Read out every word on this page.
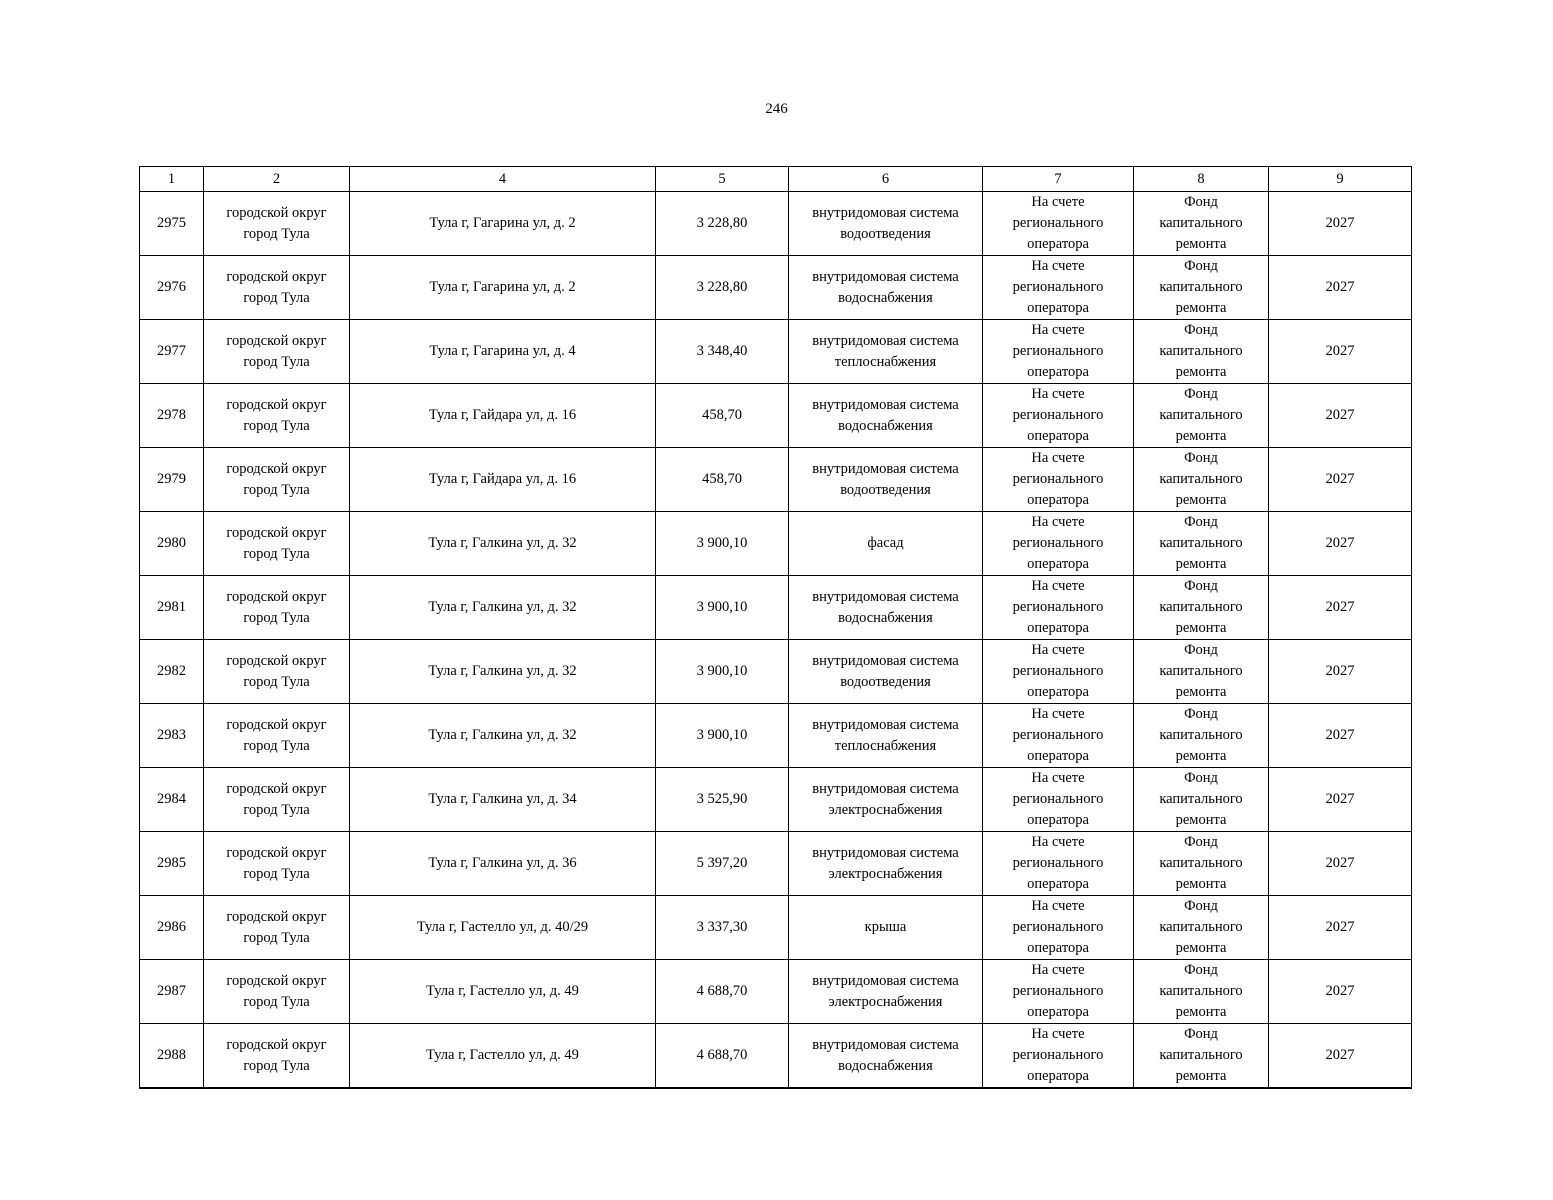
246
1	2	4	5	6	7	8	9

2975	городской округ
город Тула	Тула г, Гагарина ул, д. 2	3 228,80	внутридомовая система
водоотведения	На счете
регионального
оператора	Фонд
капитального
ремонта	2027

2976	городской округ
город Тула	Тула г, Гагарина ул, д. 2	3 228,80	внутридомовая система
водоснабжения	На счете
регионального
оператора	Фонд
капитального
ремонта	2027

2977	городской округ
город Тула	Тула г, Гагарина ул, д. 4	3 348,40	внутридомовая система
теплоснабжения	На счете
регионального
оператора	Фонд
капитального
ремонта	2027

2978	городской округ
город Тула	Тула г, Гайдара ул, д. 16	458,70	внутридомовая система
водоснабжения	На счете
регионального
оператора	Фонд
капитального
ремонта	2027

2979	городской округ
город Тула	Тула г, Гайдара ул, д. 16	458,70	внутридомовая система
водоотведения	На счете
регионального
оператора	Фонд
капитального
ремонта	2027

2980	городской округ
город Тула	Тула г, Галкина ул, д. 32	3 900,10	фасад	На счете
регионального
оператора	Фонд
капитального
ремонта	2027

2981	городской округ
город Тула	Тула г, Галкина ул, д. 32	3 900,10	внутридомовая система
водоснабжения	На счете
регионального
оператора	Фонд
капитального
ремонта	2027

2982	городской округ
город Тула	Тула г, Галкина ул, д. 32	3 900,10	внутридомовая система
водоотведения	На счете
регионального
оператора	Фонд
капитального
ремонта	2027

2983	городской округ
город Тула	Тула г, Галкина ул, д. 32	3 900,10	внутридомовая система
теплоснабжения	На счете
регионального
оператора	Фонд
капитального
ремонта	2027

2984	городской округ
город Тула	Тула г, Галкина ул, д. 34	3 525,90	внутридомовая система
электроснабжения	На счете
регионального
оператора	Фонд
капитального
ремонта	2027

2985	городской округ
город Тула	Тула г, Галкина ул, д. 36	5 397,20	внутридомовая система
электроснабжения	На счете
регионального
оператора	Фонд
капитального
ремонта	2027

2986	городской округ
город Тула	Тула г, Гастелло ул, д. 40/29	3 337,30	крыша	На счете
регионального
оператора	Фонд
капитального
ремонта	2027

2987	городской округ
город Тула	Тула г, Гастелло ул, д. 49	4 688,70	внутридомовая система
электроснабжения	На счете
регионального
оператора	Фонд
капитального
ремонта	2027

2988	городской округ
город Тула	Тула г, Гастелло ул, д. 49	4 688,70	внутридомовая система
водоснабжения	На счете
регионального
оператора	Фонд
капитального
ремонта	2027
